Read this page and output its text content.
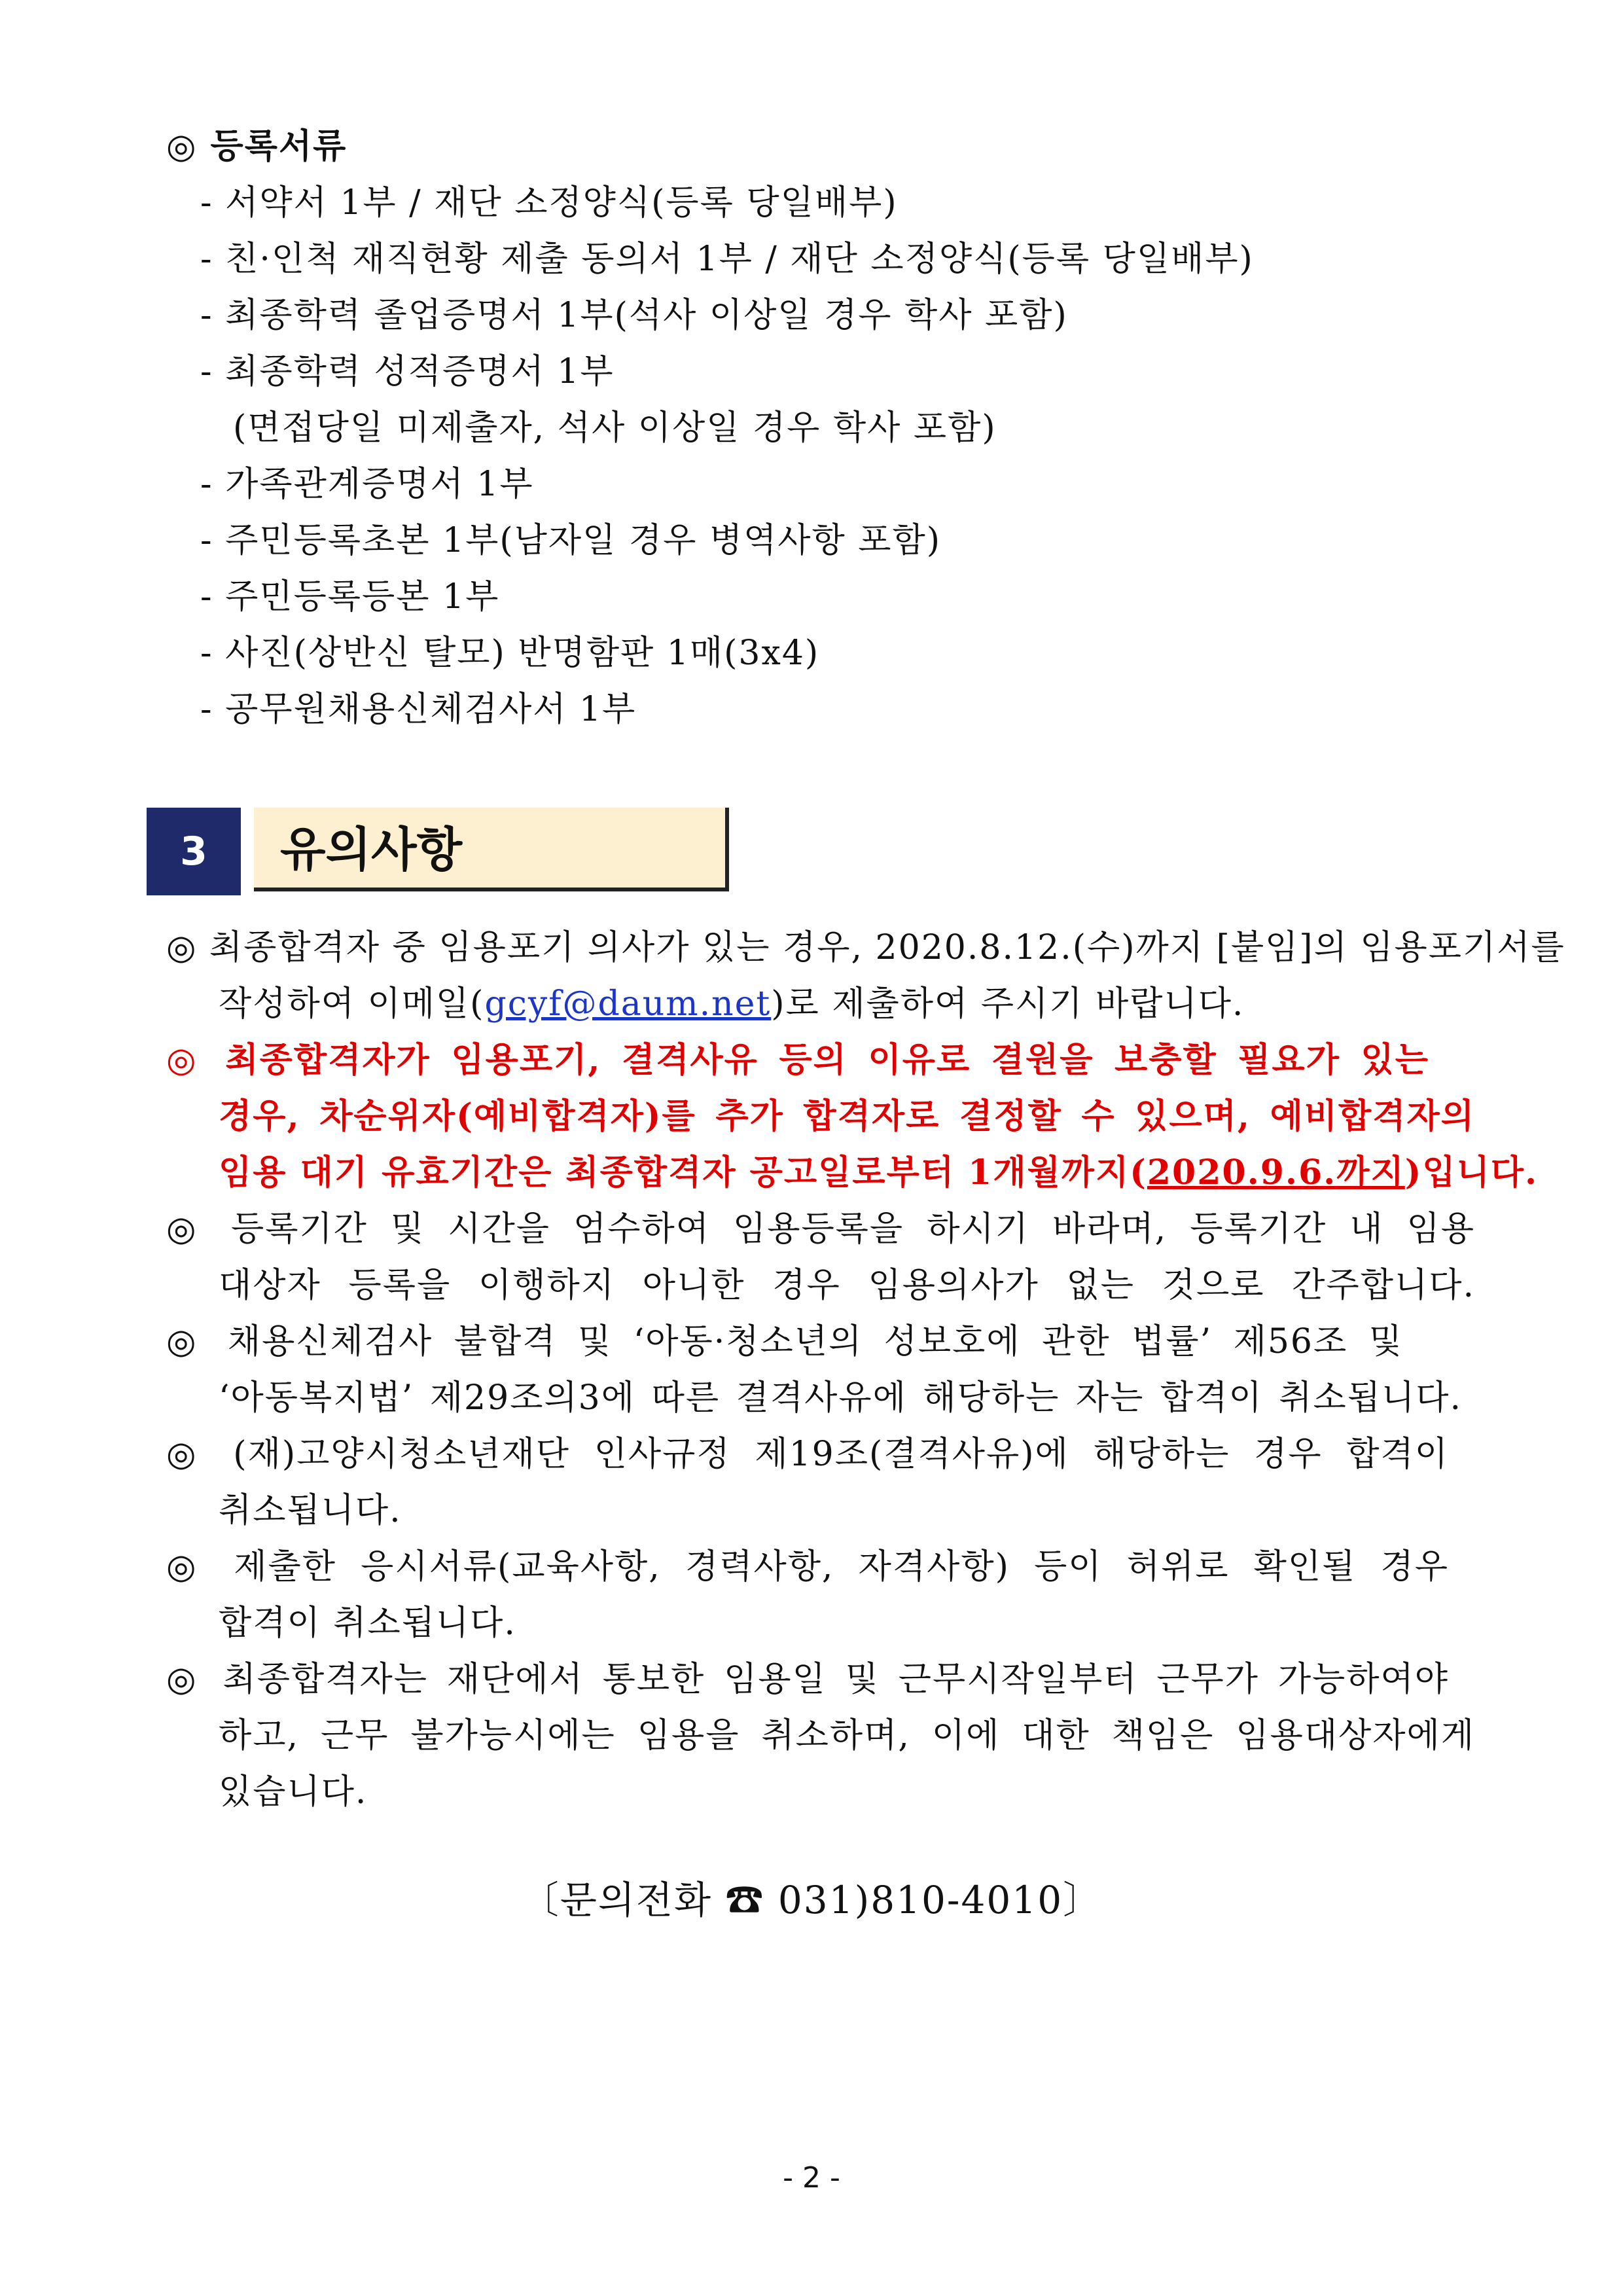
◎ 등록서류
- 서약서 1부 / 재단 소정양식(등록 당일배부)
- 친·인척 재직현황 제출 동의서 1부 / 재단 소정양식(등록 당일배부)
- 최종학력 졸업증명서 1부(석사 이상일 경우 학사 포함)
- 최종학력 성적증명서 1부
(면접당일 미제출자, 석사 이상일 경우 학사 포함)
- 가족관계증명서 1부
- 주민등록초본 1부(남자일 경우 병역사항 포함)
- 주민등록등본 1부
- 사진(상반신 탈모) 반명함판 1매(3x4)
- 공무원채용신체검사서 1부
3	유의사항
◎ 최종합격자 중 임용포기 의사가 있는 경우, 2020.8.12.(수)까지 [붙임]의 임용포기서를
작성하여 이메일(gcyf@daum.net)로 제출하여 주시기 바랍니다.
◎ 최종합격자가 임용포기, 결격사유 등의 이유로 결원을 보충할 필요가 있는
경우, 차순위자(예비합격자)를 추가 합격자로 결정할 수 있으며, 예비합격자의
임용 대기 유효기간은 최종합격자 공고일로부터 1개월까지(2020.9.6.까지)입니다.
◎ 등록기간 및 시간을 엄수하여 임용등록을 하시기 바라며, 등록기간 내 임용
대상자 등록을 이행하지 아니한 경우 임용의사가 없는 것으로 간주합니다.
◎ 채용신체검사 불합격 및 ‘아동·청소년의 성보호에 관한 법률’ 제56조 및
‘아동복지법’ 제29조의3에 따른 결격사유에 해당하는 자는 합격이 취소됩니다.
◎ (재)고양시청소년재단 인사규정 제19조(결격사유)에 해당하는 경우 합격이
취소됩니다.
◎ 제출한 응시서류(교육사항, 경력사항, 자격사항) 등이 허위로 확인될 경우
합격이 취소됩니다.
◎ 최종합격자는 재단에서 통보한 임용일 및 근무시작일부터 근무가 가능하여야
하고, 근무 불가능시에는 임용을 취소하며, 이에 대한 책임은 임용대상자에게
있습니다.
〔문의전화 ☎ 031)810-4010〕
- 2 -
